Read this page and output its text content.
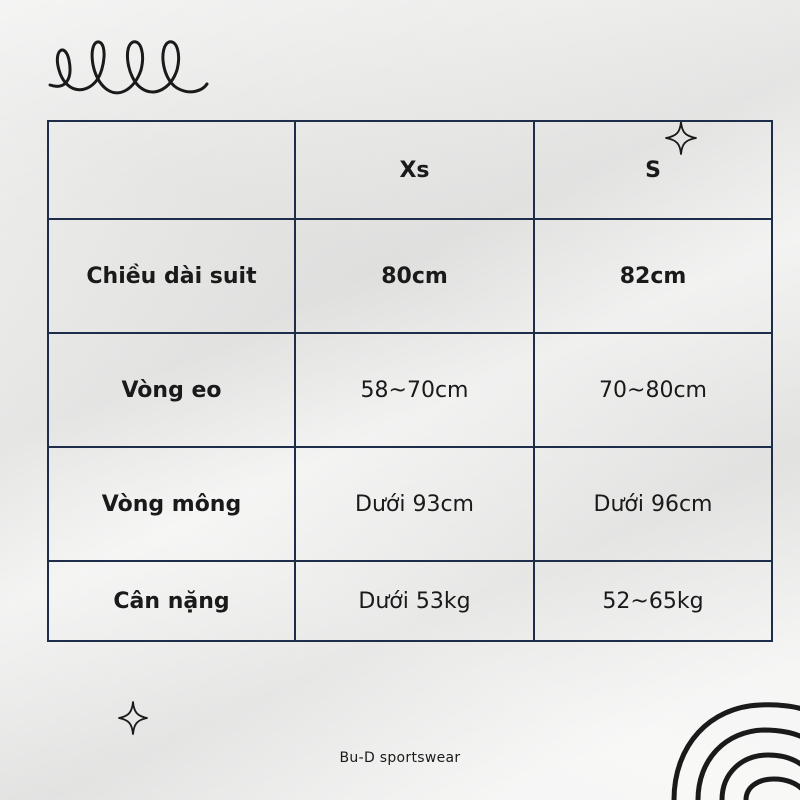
	Xs	S
Chiều dài suit	80cm	82cm
Vòng eo	58~70cm	70~80cm
Vòng mông	Dưới 93cm	Dưới 96cm
Cân nặng	Dưới 53kg	52~65kg
Bu-D sportswear
